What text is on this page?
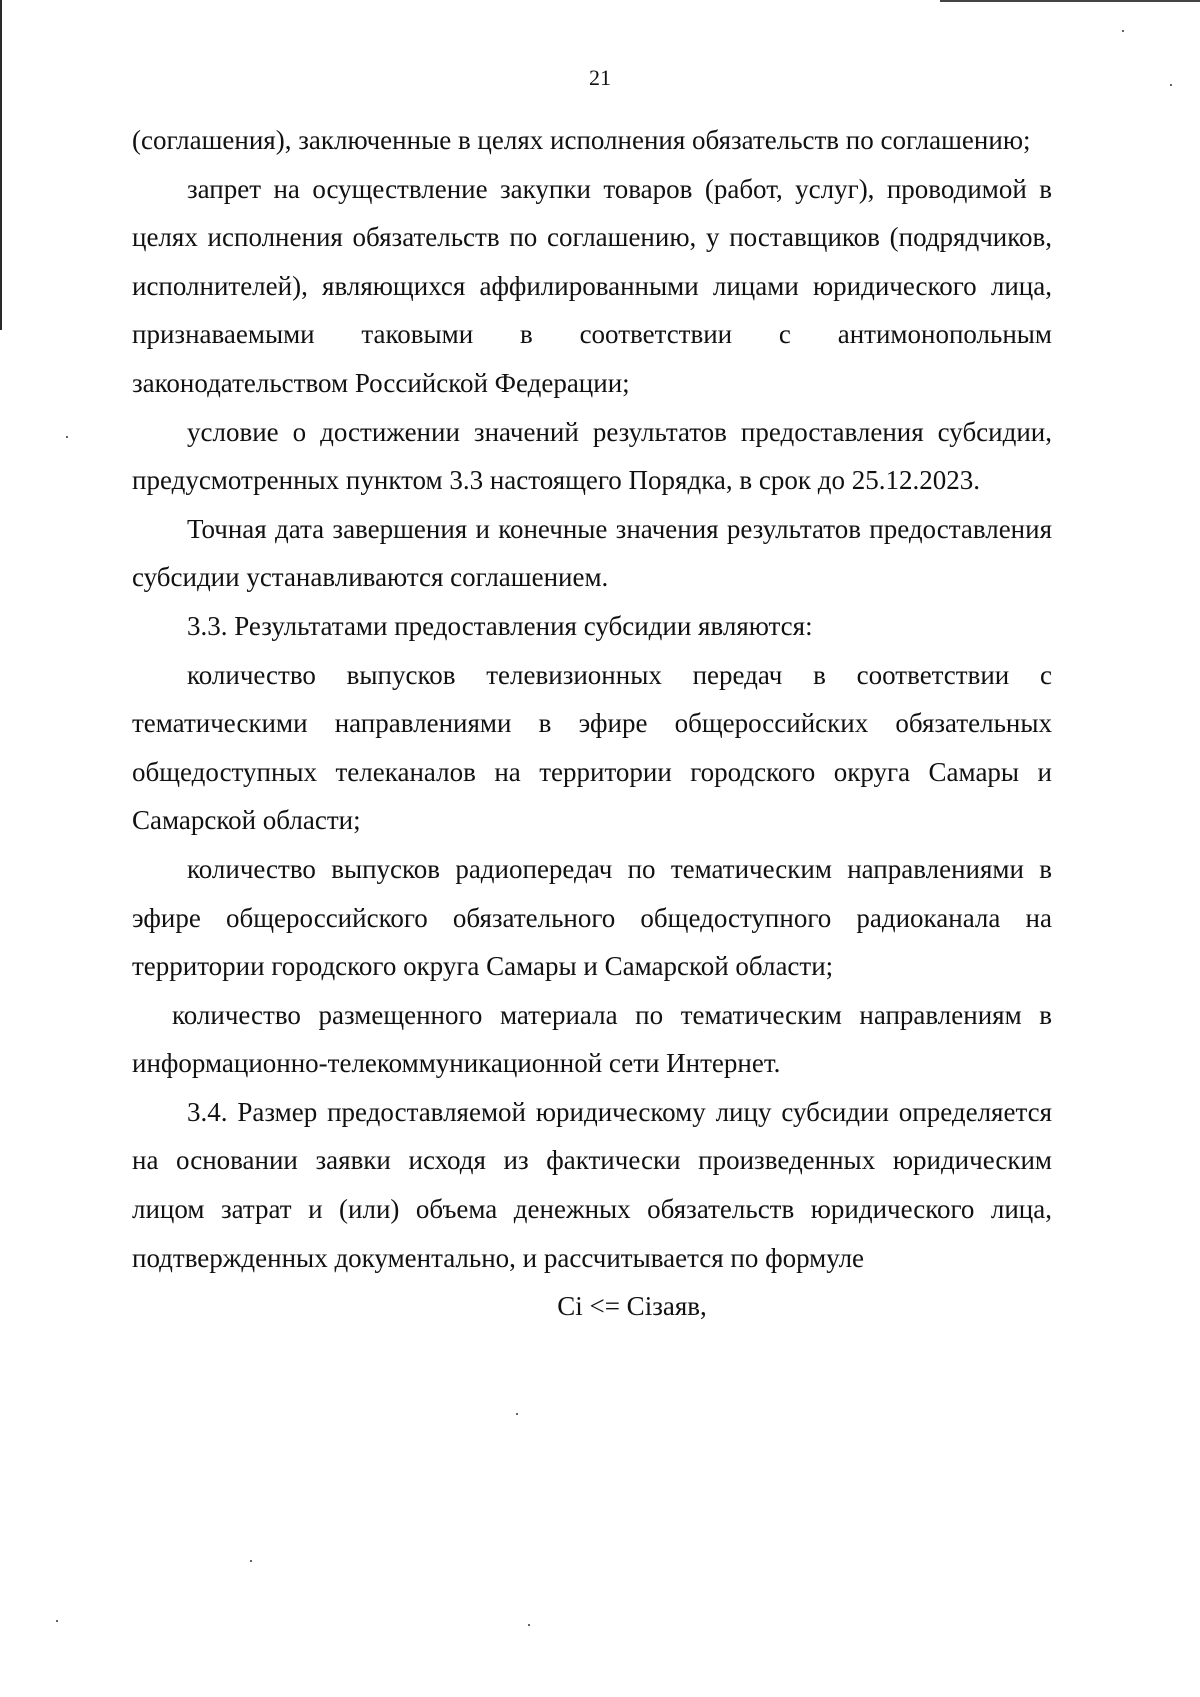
21

(соглашения), заключенные в целях исполнения обязательств по соглашению;

запрет на осуществление закупки товаров (работ, услуг), проводимой в целях исполнения обязательств по соглашению, у поставщиков (подрядчиков, исполнителей), являющихся аффилированными лицами юридического лица, признаваемыми таковыми в соответствии с антимонопольным законодательством Российской Федерации;

условие о достижении значений результатов предоставления субсидии, предусмотренных пунктом 3.3 настоящего Порядка, в срок до 25.12.2023.

Точная дата завершения и конечные значения результатов предоставления субсидии устанавливаются соглашением.

3.3. Результатами предоставления субсидии являются:

количество выпусков телевизионных передач в соответствии с тематическими направлениями в эфире общероссийских обязательных общедоступных телеканалов на территории городского округа Самары и Самарской области;

количество выпусков радиопередач по тематическим направлениями в эфире общероссийского обязательного общедоступного радиоканала на территории городского округа Самары и Самарской области;

количество размещенного материала по тематическим направлениям в информационно-телекоммуникационной сети Интернет.

3.4. Размер предоставляемой юридическому лицу субсидии определяется на основании заявки исходя из фактически произведенных юридическим лицом затрат и (или) объема денежных обязательств юридического лица, подтвержденных документально, и рассчитывается по формуле

Ci <= Ciзаяв,
